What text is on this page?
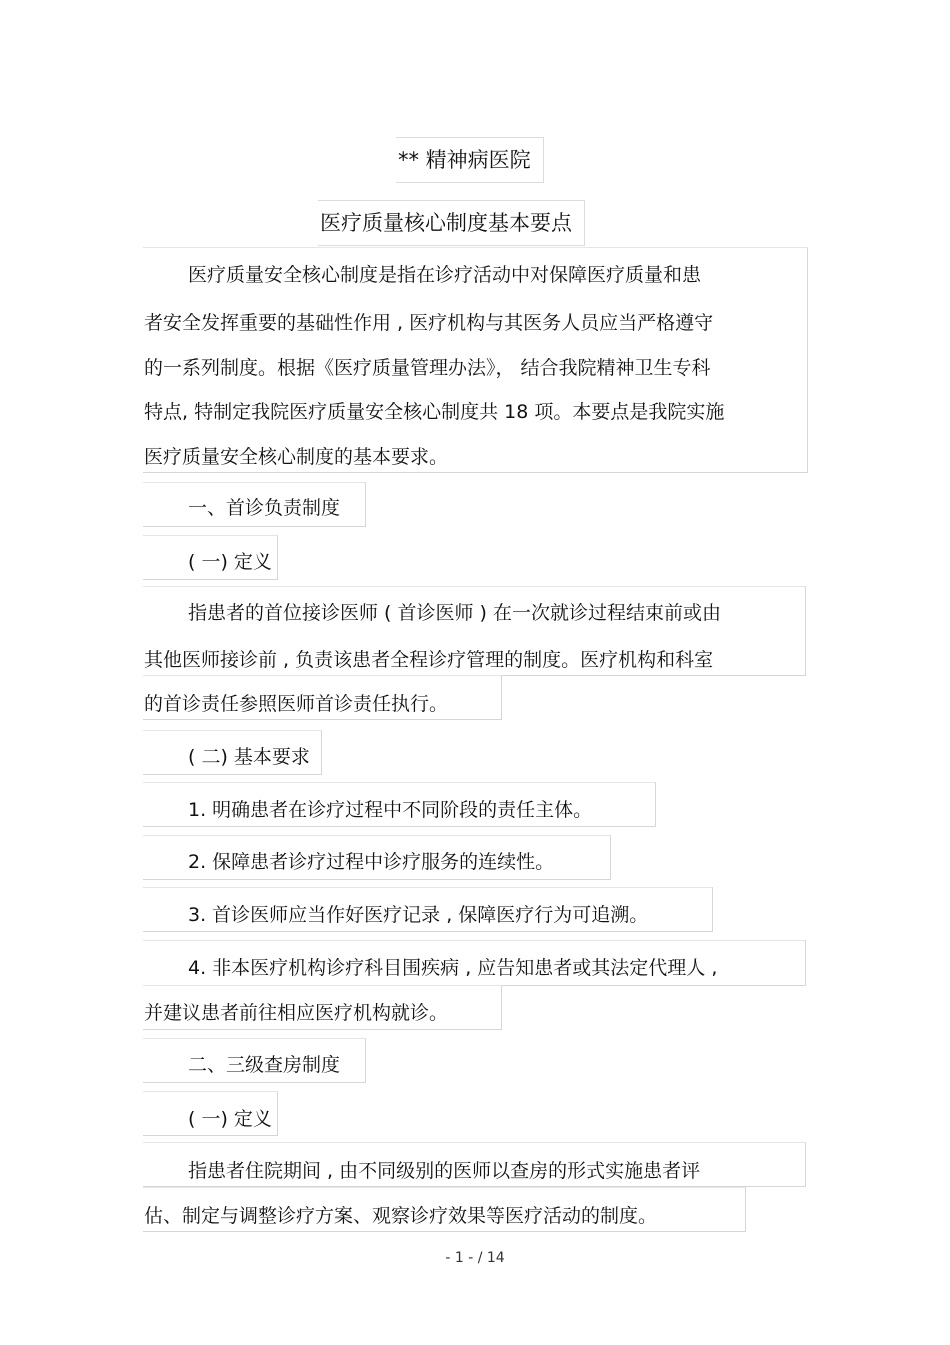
** 精神病医院
医疗质量核心制度基本要点
医疗质量安全核心制度是指在诊疗活动中对保障医疗质量和患
者安全发挥重要的基础性作用 , 医疗机构与其医务人员应当严格遵守
的一系列制度。根据《医疗质量管理办法》， 结合我院精神卫生专科
特点, 特制定我院医疗质量安全核心制度共 18 项。本要点是我院实施
医疗质量安全核心制度的基本要求。
一、首诊负责制度
( 一) 定义
指患者的首位接诊医师 ( 首诊医师 ) 在一次就诊过程结束前或由
其他医师接诊前 , 负责该患者全程诊疗管理的制度。医疗机构和科室
的首诊责任参照医师首诊责任执行。
( 二) 基本要求
1. 明确患者在诊疗过程中不同阶段的责任主体。
2. 保障患者诊疗过程中诊疗服务的连续性。
3. 首诊医师应当作好医疗记录 , 保障医疗行为可追溯。
4. 非本医疗机构诊疗科目围疾病 , 应告知患者或其法定代理人 ,
并建议患者前往相应医疗机构就诊。
二、三级查房制度
( 一) 定义
指患者住院期间 , 由不同级别的医师以查房的形式实施患者评
估、制定与调整诊疗方案、观察诊疗效果等医疗活动的制度。
- 1 - / 14
